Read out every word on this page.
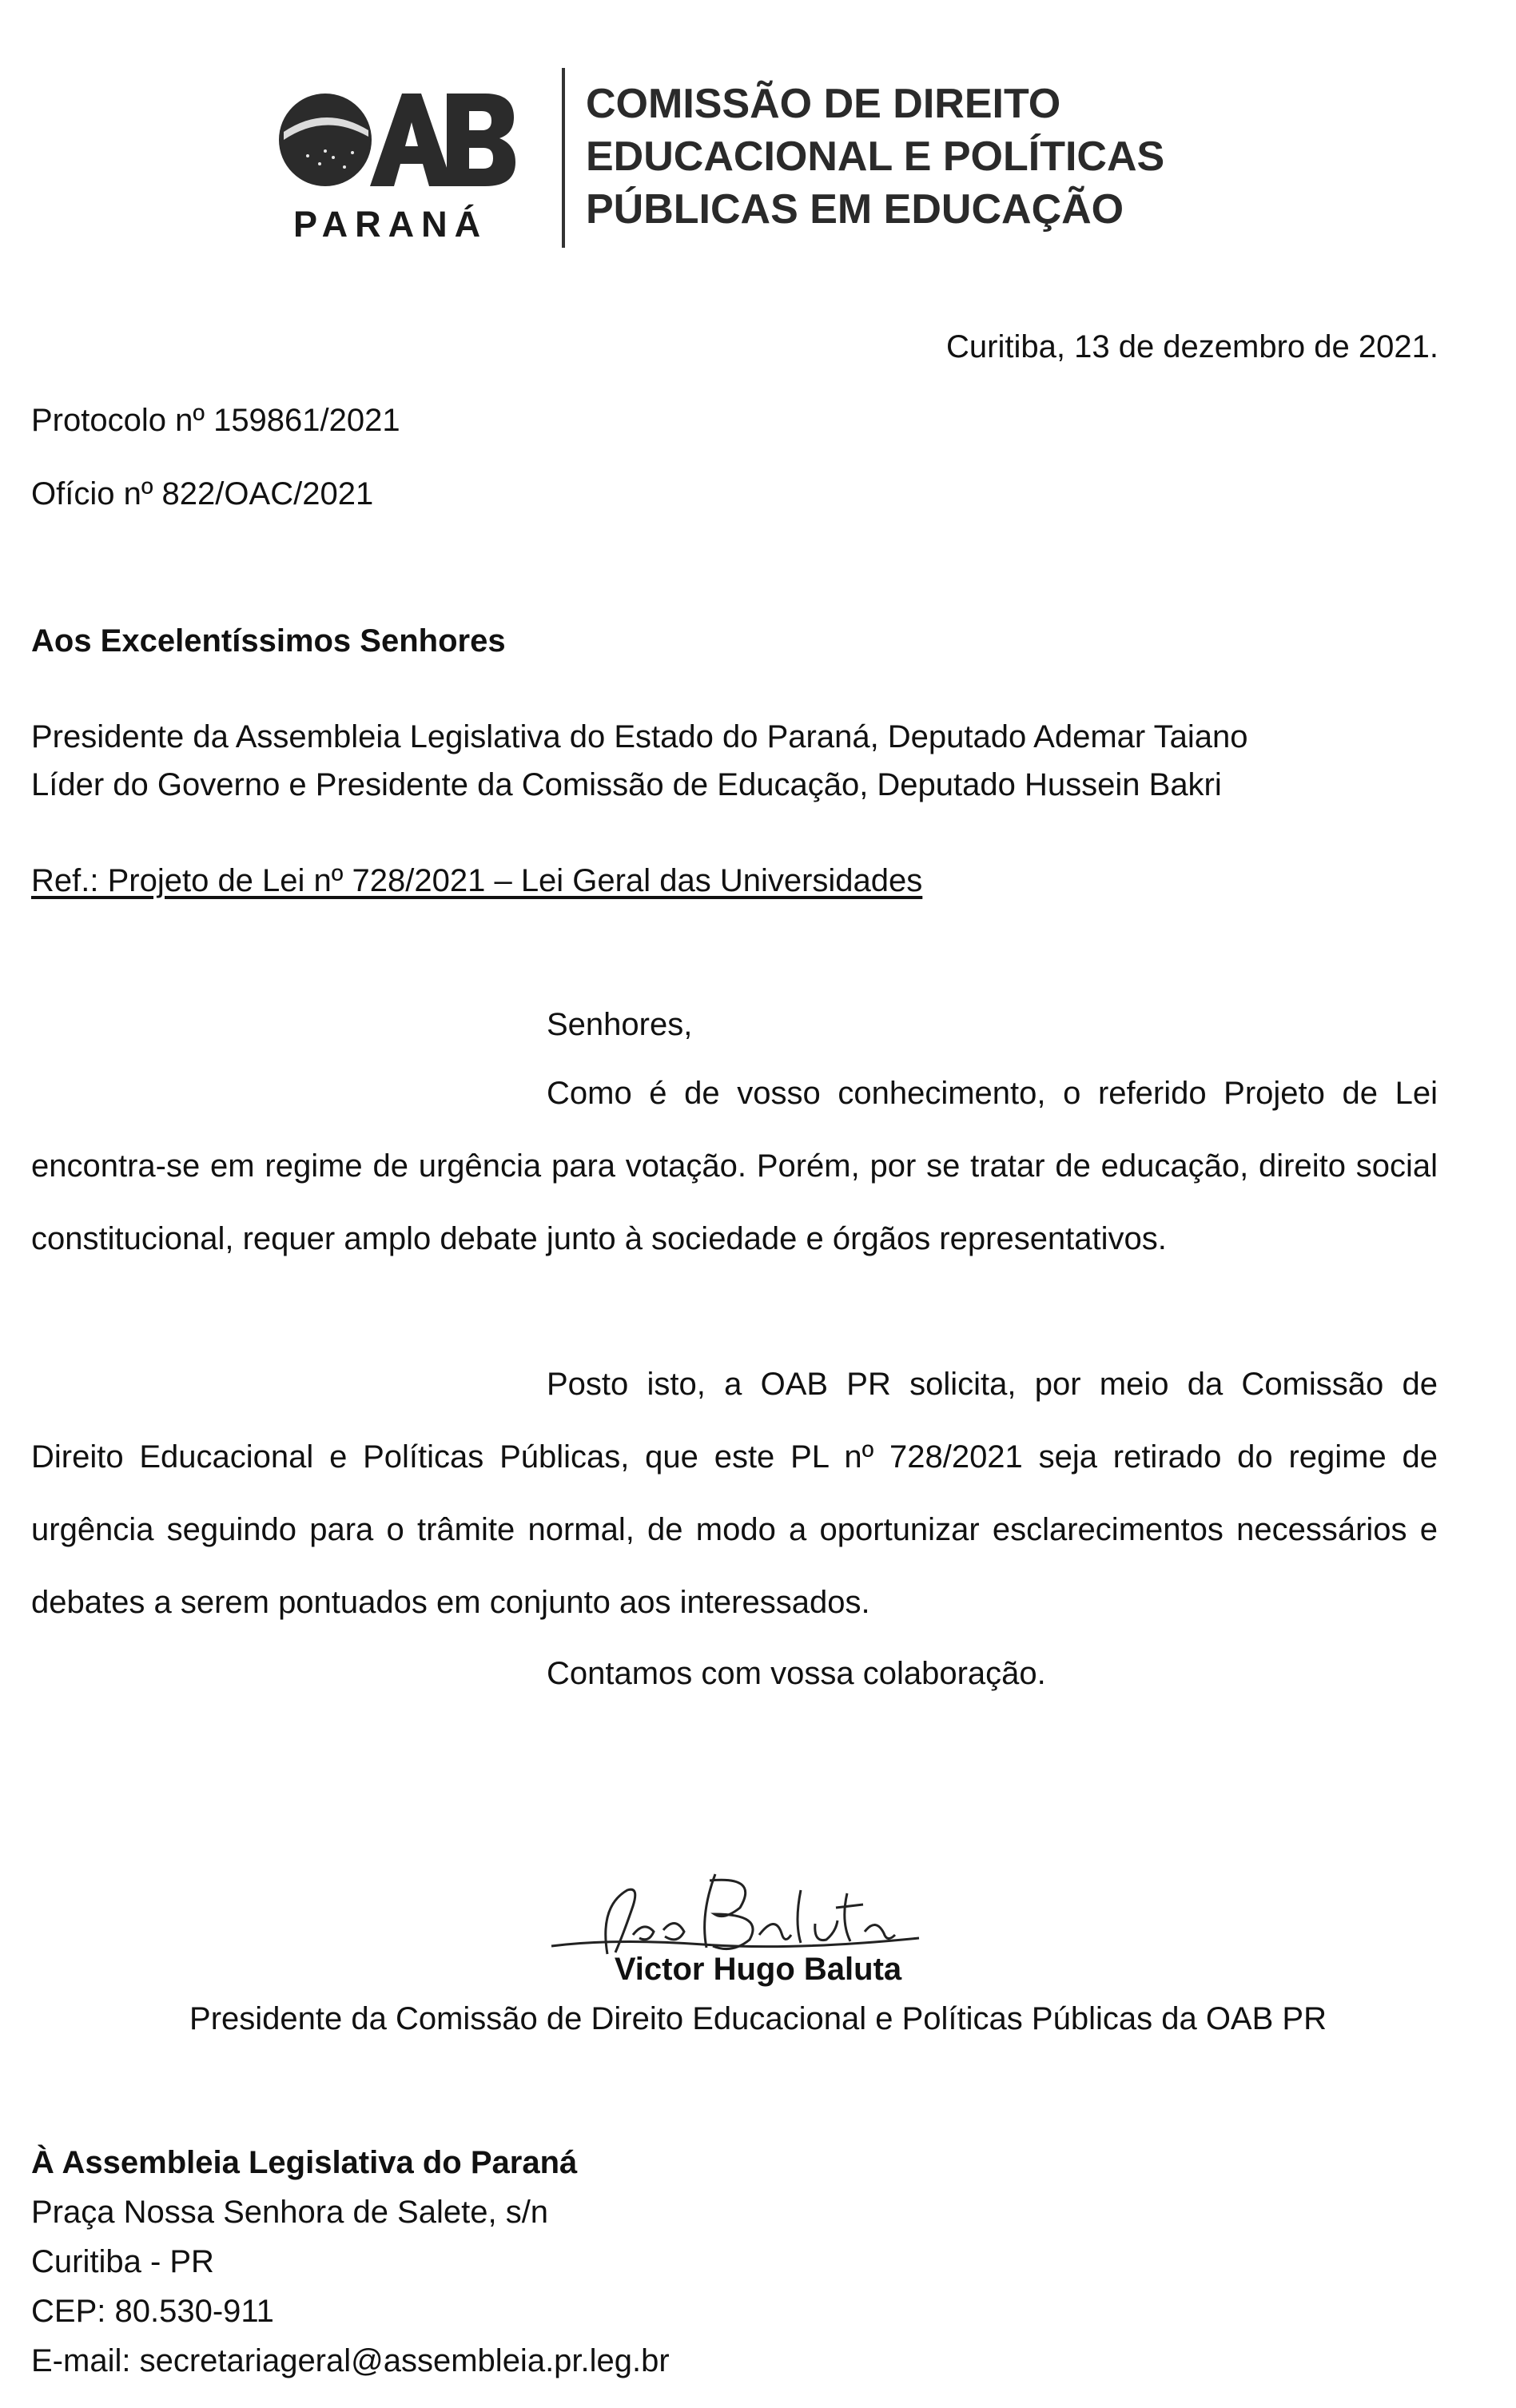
PARANÁ
COMISSÃO DE DIREITO
EDUCACIONAL E POLÍTICAS
PÚBLICAS EM EDUCAÇÃO
Curitiba, 13 de dezembro de 2021.
Protocolo nº 159861/2021
Ofício nº 822/OAC/2021
Aos Excelentíssimos Senhores
Presidente da Assembleia Legislativa do Estado do Paraná, Deputado Ademar Taiano
Líder do Governo e Presidente da Comissão de Educação, Deputado Hussein Bakri
Ref.: Projeto de Lei nº 728/2021 – Lei Geral das Universidades
Senhores,
Como é de vosso conhecimento, o referido Projeto de Lei encontra-se em regime de urgência para votação. Porém, por se tratar de educação, direito social constitucional, requer amplo debate junto à sociedade e órgãos representativos.
Posto isto, a OAB PR solicita, por meio da Comissão de Direito Educacional e Políticas Públicas, que este PL nº 728/2021 seja retirado do regime de urgência seguindo para o trâmite normal, de modo a oportunizar esclarecimentos necessários e debates a serem pontuados em conjunto aos interessados.
Contamos com vossa colaboração.
Victor Hugo Baluta
Presidente da Comissão de Direito Educacional e Políticas Públicas da OAB PR
À Assembleia Legislativa do Paraná
Praça Nossa Senhora de Salete, s/n
Curitiba - PR
CEP: 80.530-911
E-mail: secretariageral@assembleia.pr.leg.br
